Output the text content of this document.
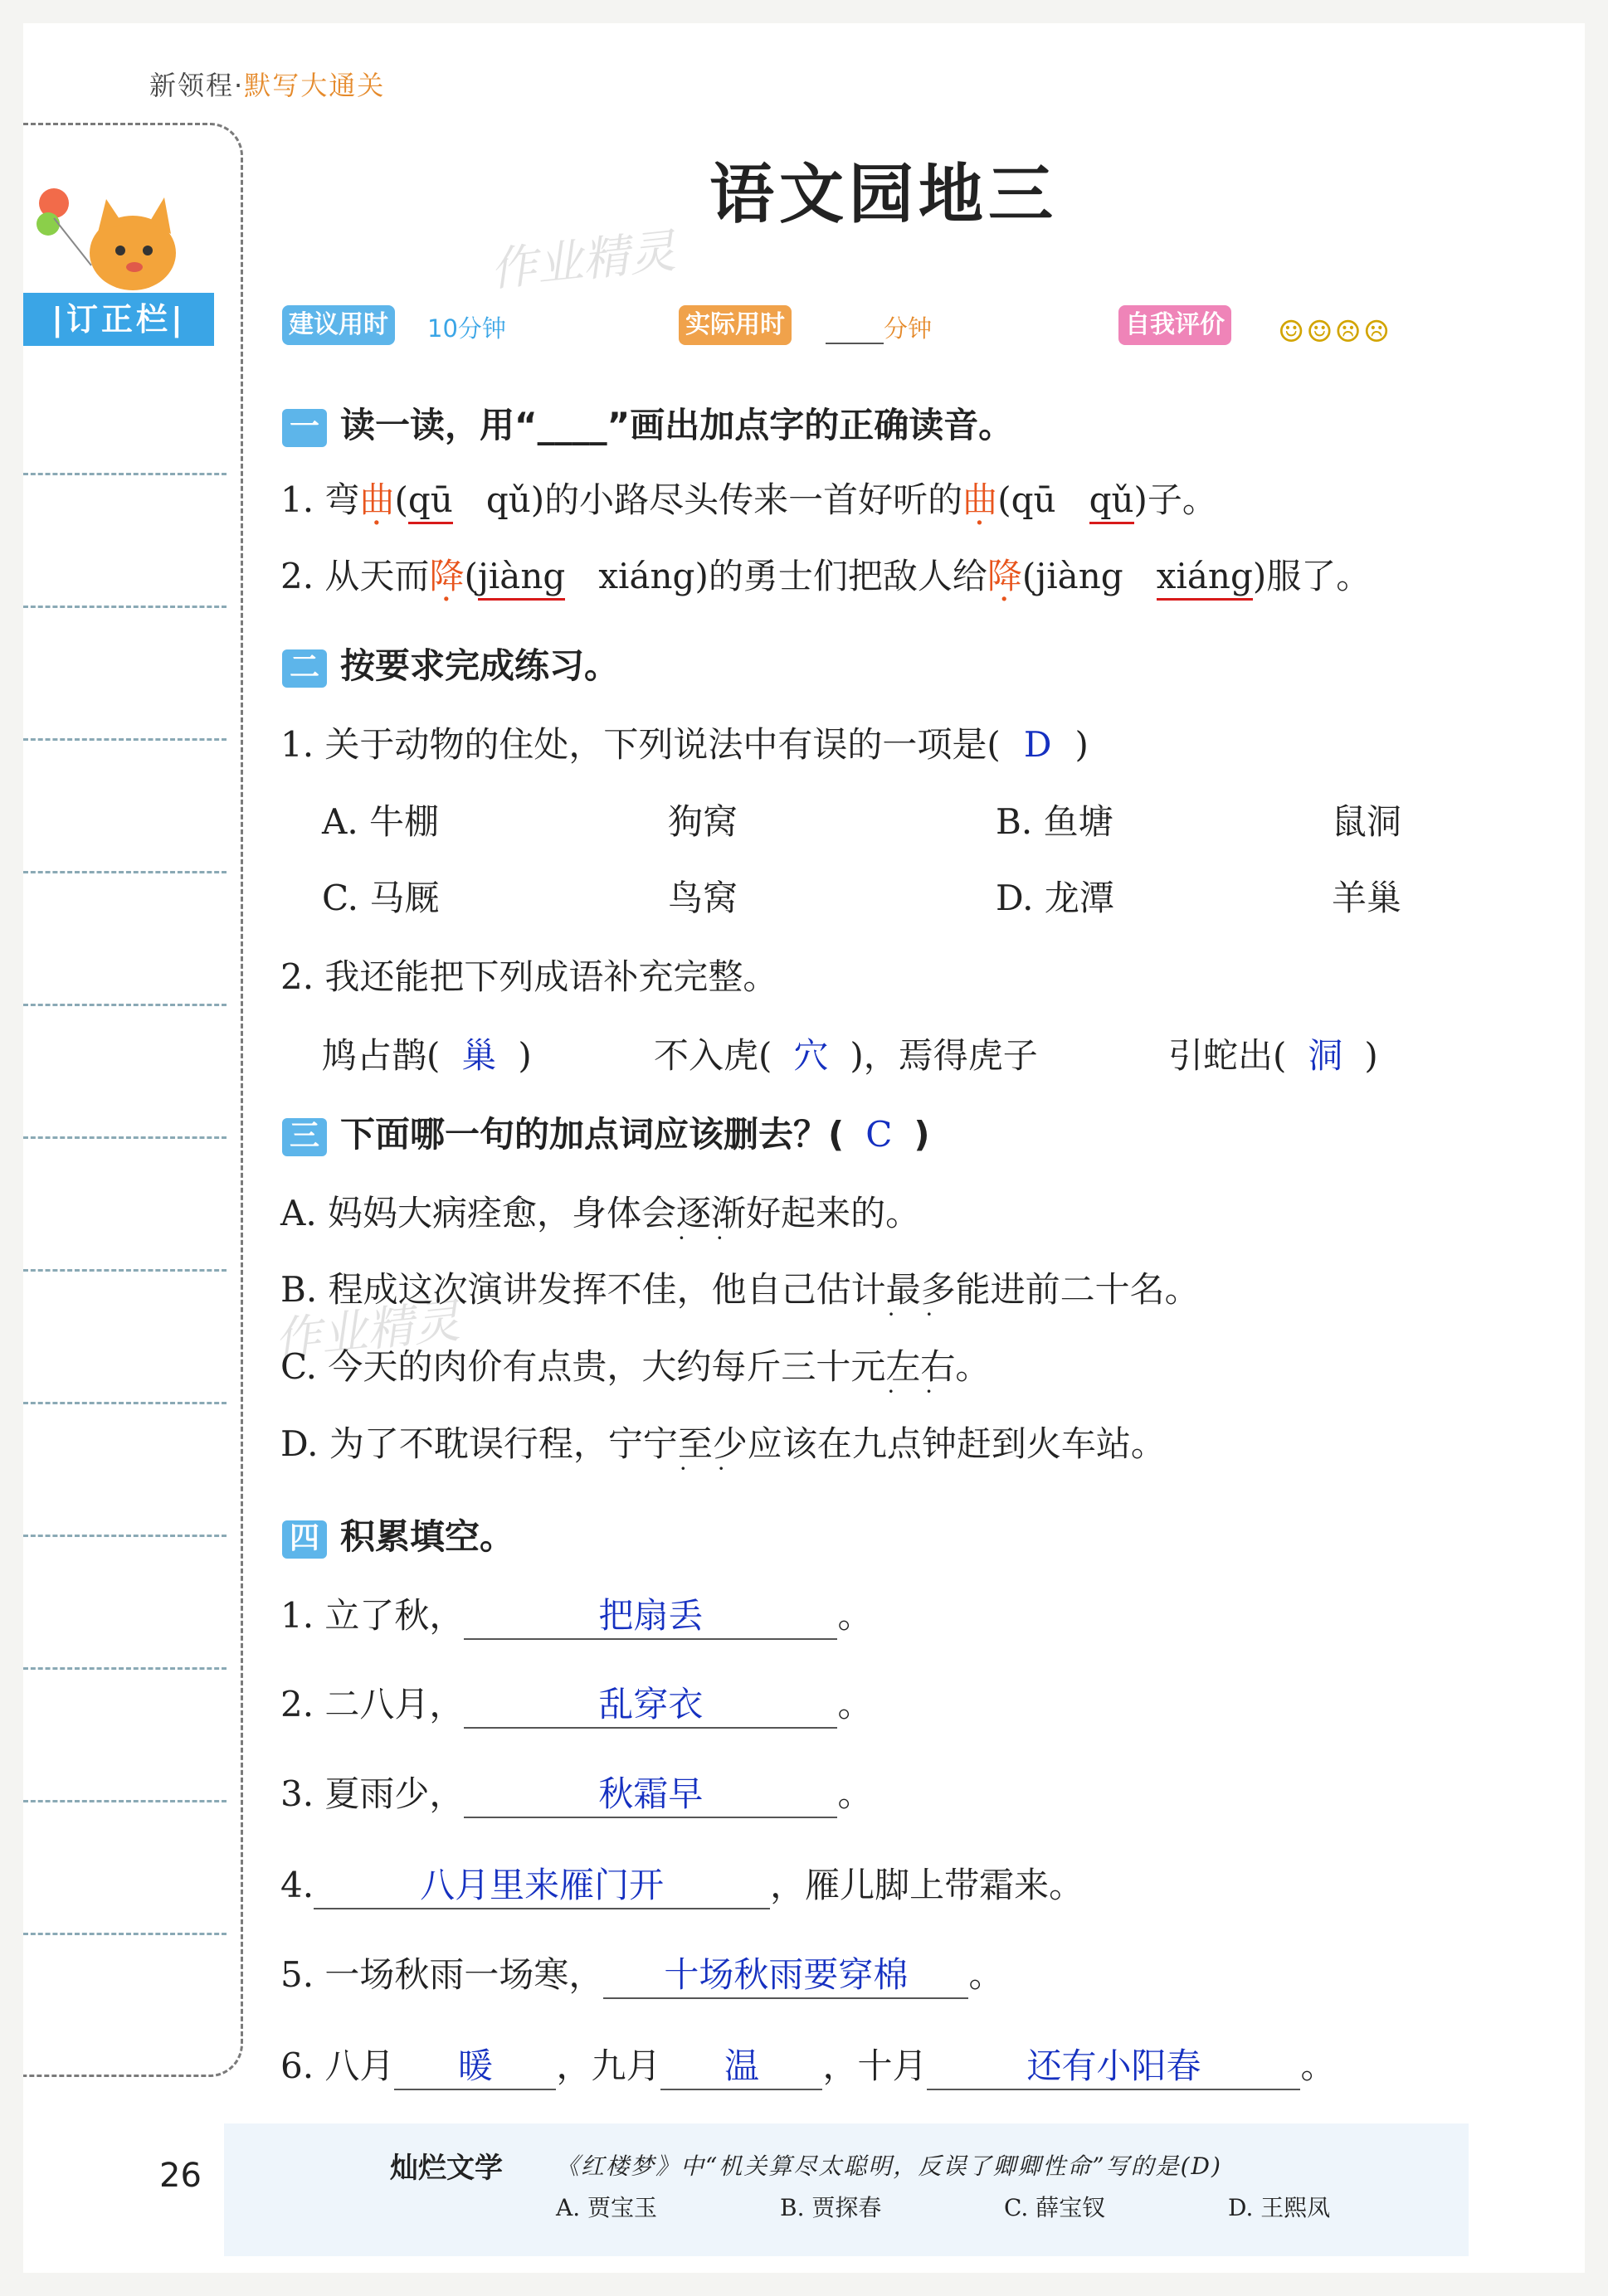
新领程·默写大通关
语文园地三
|订正栏|
作业精灵
作业精灵
建议用时 10分钟	实际用时	分钟	自我评价 ☺☺☹☹
一 读一读，用“____”画出加点字的正确读音。
1. 弯曲(qū qǔ)的小路尽头传来一首好听的曲(qū qǔ)子。
2. 从天而降(jiàng xiáng)的勇士们把敌人给降(jiàng xiáng)服了。
二 按要求完成练习。
1. 关于动物的住处，下列说法中有误的一项是( D )
A. 牛棚	狗窝	B. 鱼塘	鼠洞
C. 马厩	鸟窝	D. 龙潭	羊巢
2. 我还能把下列成语补充完整。
鸠占鹊( 巢 )	不入虎( 穴 )，焉得虎子	引蛇出( 洞 )
三 下面哪一句的加点词应该删去？( C )
A. 妈妈大病痊愈，身体会逐渐 · ·好起来的。
B. 程成这次演讲发挥不佳，他自己估计最多 · ·能进前二十名。
C. 今天的肉价有点贵，大约每斤三十元左右 · ·。
D. 为了不耽误行程，宁宁至少 · ·应该在九点钟赶到火车站。
四 积累填空。
1. 立了秋，	把扇丢	。
2. 二八月，	乱穿衣	。
3. 夏雨少，	秋霜早	。
4.	八月里来雁门开	，雁儿脚上带霜来。
5. 一场秋雨一场寒， 十场秋雨要穿棉 。
6. 八月 暖 ，九月 温 ，十月	还有小阳春	。
26	灿烂文学 《红楼梦》中“机关算尽太聪明，反误了卿卿性命”写的是(D)
A. 贾宝玉	B. 贾探春	C. 薛宝钗	D. 王熙凤
